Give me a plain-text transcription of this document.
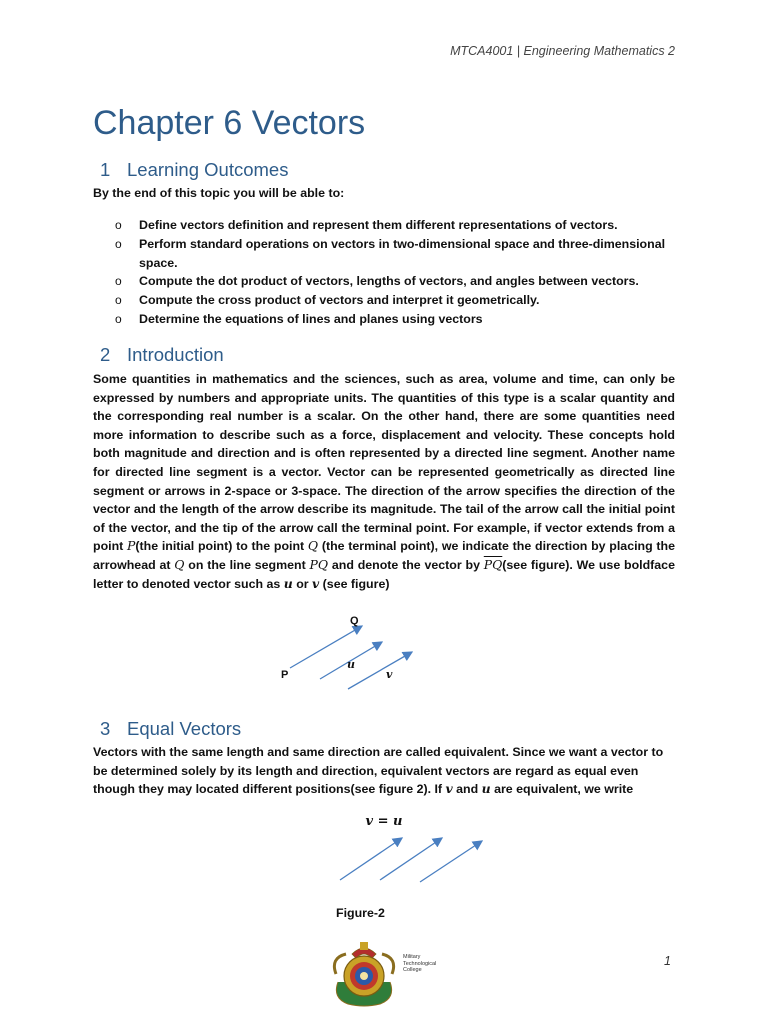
MTCA4001 | Engineering Mathematics 2
Chapter 6 Vectors
1 Learning Outcomes

By the end of this topic you will be able to:

o Define vectors definition and represent them different representations of vectors.
o Perform standard operations on vectors in two-dimensional space and three-dimensional space.
o Compute the dot product of vectors, lengths of vectors, and angles between vectors.
o Compute the cross product of vectors and interpret it geometrically.
o Determine the equations of lines and planes using vectors
2 Introduction

Some quantities in mathematics and the sciences, such as area, volume and time, can only be expressed by numbers and appropriate units. The quantities of this type is a scalar quantity and the corresponding real number is a scalar. On the other hand, there are some quantities need more information to describe such as a force, displacement and velocity. These concepts hold both magnitude and direction and is often represented by a directed line segment. Another name for directed line segment is a vector. Vector can be represented geometrically as directed line segment or arrows in 2-space or 3-space. The direction of the arrow specifies the direction of the vector and the length of the arrow describe its magnitude. The tail of the arrow call the initial point of the vector, and the tip of the arrow call the terminal point. For example, if vector extends from a point P(the initial point) to the point Q (the terminal point), we indicate the direction by placing the arrowhead at Q on the line segment PQ and denote the vector by $\overline{PQ}(see$ figure). We use boldface letter to denoted vector such as u or v (see figure)

Q
P
u
v
3 Equal Vectors

Vectors with the same length and same direction are called equivalent. Since we want a vector to be determined solely by its length and direction, equivalent vectors are regard as equal even though they may located different positions(see figure 2). If v and u are equivalent, we write

v = u
Figure-2
1
Military
Technological
College
